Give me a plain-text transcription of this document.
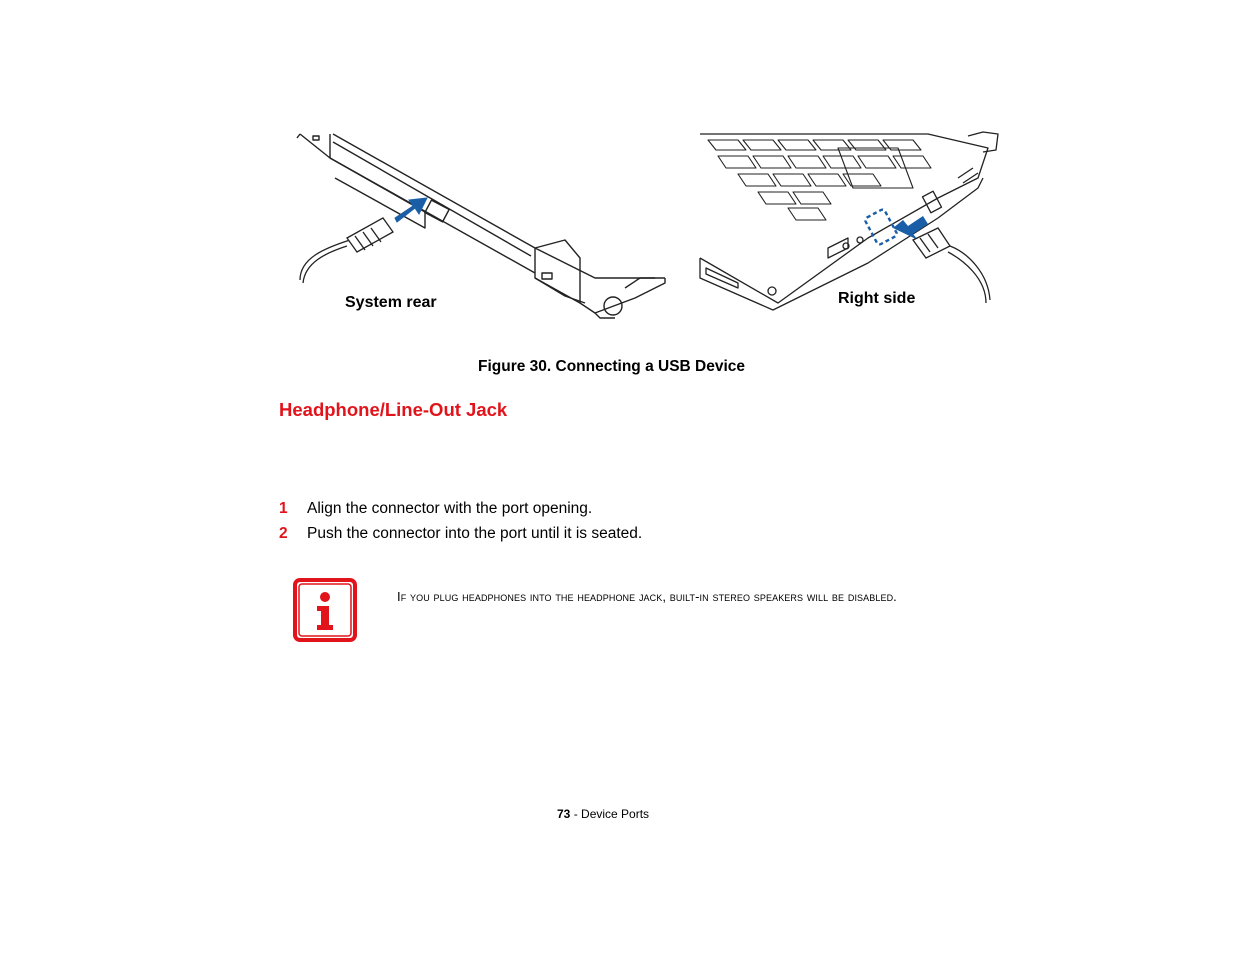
System rear	Right side
Figure 30. Connecting a USB Device
Headphone/Line-Out Jack
1 Align the connector with the port opening.
2 Push the connector into the port until it is seated.
If you plug headphones into the headphone jack, built-in stereo speakers will be disabled.
73 - Device Ports
